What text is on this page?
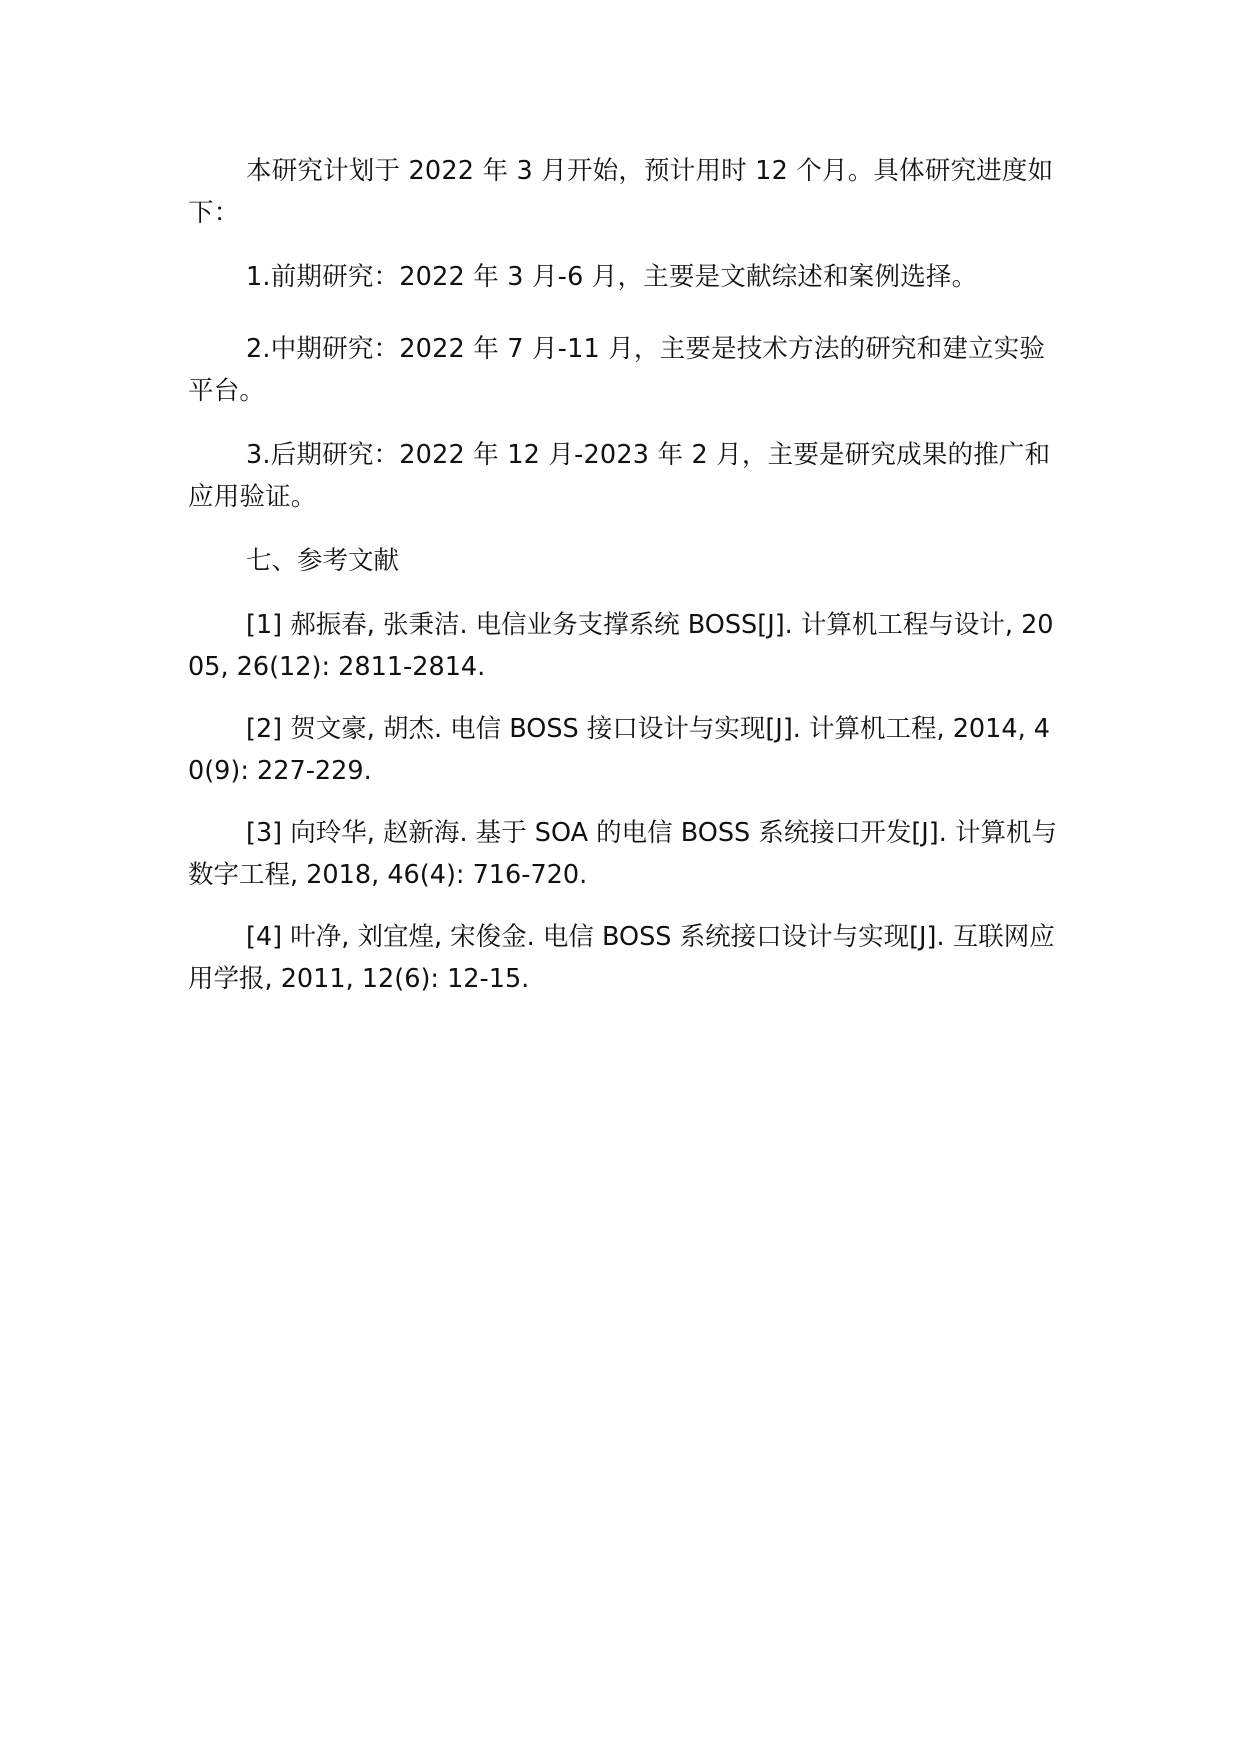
本研究计划于 2022 年 3 月开始，预计用时 12 个月。具体研究进度如下：

1.前期研究：2022 年 3 月-6 月，主要是文献综述和案例选择。

2.中期研究：2022 年 7 月-11 月，主要是技术方法的研究和建立实验平台。

3.后期研究：2022 年 12 月-2023 年 2 月，主要是研究成果的推广和应用验证。

七、参考文献

[1] 郝振春, 张秉洁. 电信业务支撑系统 BOSS[J]. 计算机工程与设计, 2005, 26(12): 2811-2814.

[2] 贺文豪, 胡杰. 电信 BOSS 接口设计与实现[J]. 计算机工程, 2014, 40(9): 227-229.

[3] 向玲华, 赵新海. 基于 SOA 的电信 BOSS 系统接口开发[J]. 计算机与数字工程, 2018, 46(4): 716-720.

[4] 叶净, 刘宜煌, 宋俊金. 电信 BOSS 系统接口设计与实现[J]. 互联网应用学报, 2011, 12(6): 12-15.
